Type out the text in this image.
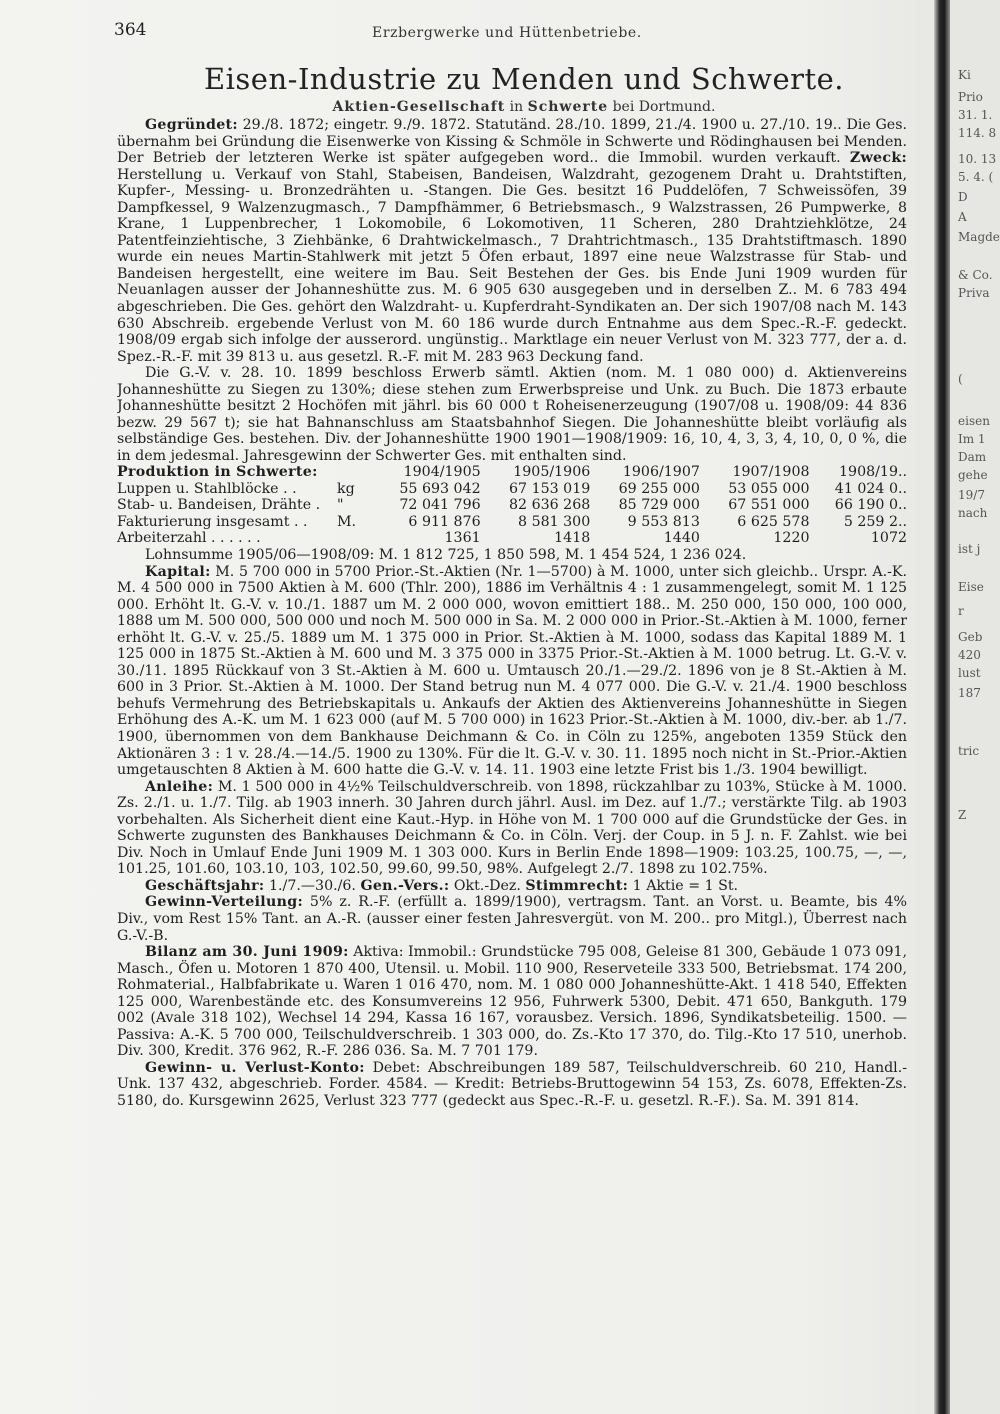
364	Erzbergwerke und Hüttenbetriebe.
Eisen-Industrie zu Menden und Schwerte.
Aktien-Gesellschaft in Schwerte bei Dortmund.

Gegründet: 29./8. 1872; eingetr. 9./9. 1872. Statutänd. 28./10. 1899, 21./4. 1900 u. 27./10. 19.. Die Ges. übernahm bei Gründung die Eisenwerke von Kissing & Schmöle in Schwerte und Rödinghausen bei Menden. Der Betrieb der letzteren Werke ist später aufgegeben word.. die Immobil. wurden verkauft. Zweck: Herstellung u. Verkauf von Stahl, Stabeisen, Bandeisen, Walzdraht, gezogenem Draht u. Drahtstiften, Kupfer-, Messing- u. Bronzedrähten u. -Stangen. Die Ges. besitzt 16 Puddelöfen, 7 Schweissöfen, 39 Dampfkessel, 9 Walzenzugmasch., 7 Dampfhämmer, 6 Betriebsmasch., 9 Walzstrassen, 26 Pumpwerke, 8 Krane, 1 Luppenbrecher, 1 Lokomobile, 6 Lokomotiven, 11 Scheren, 280 Drahtziehklötze, 24 Patentfeinziehtische, 3 Ziehbänke, 6 Drahtwickelmasch., 7 Drahtrichtmasch., 135 Drahtstiftmasch. 1890 wurde ein neues Martin-Stahlwerk mit jetzt 5 Öfen erbaut, 1897 eine neue Walzstrasse für Stab- und Bandeisen hergestellt, eine weitere im Bau. Seit Bestehen der Ges. bis Ende Juni 1909 wurden für Neuanlagen ausser der Johanneshütte zus. M. 6 905 630 ausgegeben und in derselben Z.. M. 6 783 494 abgeschrieben. Die Ges. gehört den Walzdraht- u. Kupferdraht-Syndikaten an. Der sich 1907/08 nach M. 143 630 Abschreib. ergebende Verlust von M. 60 186 wurde durch Entnahme aus dem Spec.-R.-F. gedeckt. 1908/09 ergab sich infolge der ausserord. ungünstig.. Marktlage ein neuer Verlust von M. 323 777, der a. d. Spez.-R.-F. mit 39 813 u. aus gesetzl. R.-F. mit M. 283 963 Deckung fand.

Die G.-V. v. 28. 10. 1899 beschloss Erwerb sämtl. Aktien (nom. M. 1 080 000) d. Aktienvereins Johanneshütte zu Siegen zu 130%; diese stehen zum Erwerbspreise und Unk. zu Buch. Die 1873 erbaute Johanneshütte besitzt 2 Hochöfen mit jährl. bis 60 000 t Roheisenerzeugung (1907/08 u. 1908/09: 44 836 bezw. 29 567 t); sie hat Bahnanschluss am Staatsbahnhof Siegen. Die Johanneshütte bleibt vorläufig als selbständige Ges. bestehen. Div. der Johanneshütte 1900 1901—1908/1909: 16, 10, 4, 3, 3, 4, 10, 0, 0 %, die in dem jedesmal. Jahresgewinn der Schwerter Ges. mit enthalten sind.

Produktion in Schwerte:		1904/1905	1905/1906	1906/1907	1907/1908	1908/19..
Luppen u. Stahlblöcke . .	kg	55 693 042	67 153 019	69 255 000	53 055 000	41 024 0..
Stab- u. Bandeisen, Drähte .	"	72 041 796	82 636 268	85 729 000	67 551 000	66 190 0..
Fakturierung insgesamt . .	M.	6 911 876	8 581 300	9 553 813	6 625 578	5 259 2..
Arbeiterzahl . . . . . .		1361	1418	1440	1220	1072

Lohnsumme 1905/06—1908/09: M. 1 812 725, 1 850 598, M. 1 454 524, 1 236 024.

Kapital: M. 5 700 000 in 5700 Prior.-St.-Aktien (Nr. 1—5700) à M. 1000, unter sich gleichb.. Urspr. A.-K. M. 4 500 000 in 7500 Aktien à M. 600 (Thlr. 200), 1886 im Verhältnis 4 : 1 zusammengelegt, somit M. 1 125 000. Erhöht lt. G.-V. v. 10./1. 1887 um M. 2 000 000, wovon emittiert 188.. M. 250 000, 150 000, 100 000, 1888 um M. 500 000, 500 000 und noch M. 500 000 in Sa. M. 2 000 000 in Prior.-St.-Aktien à M. 1000, ferner erhöht lt. G.-V. v. 25./5. 1889 um M. 1 375 000 in Prior. St.-Aktien à M. 1000, sodass das Kapital 1889 M. 1 125 000 in 1875 St.-Aktien à M. 600 und M. 3 375 000 in 3375 Prior.-St.-Aktien à M. 1000 betrug. Lt. G.-V. v. 30./11. 1895 Rückkauf von 3 St.-Aktien à M. 600 u. Umtausch 20./1.—29./2. 1896 von je 8 St.-Aktien à M. 600 in 3 Prior. St.-Aktien à M. 1000. Der Stand betrug nun M. 4 077 000. Die G.-V. v. 21./4. 1900 beschloss behufs Vermehrung des Betriebskapitals u. Ankaufs der Aktien des Aktienvereins Johanneshütte in Siegen Erhöhung des A.-K. um M. 1 623 000 (auf M. 5 700 000) in 1623 Prior.-St.-Aktien à M. 1000, div.-ber. ab 1./7. 1900, übernommen von dem Bankhause Deichmann & Co. in Cöln zu 125%, angeboten 1359 Stück den Aktionären 3 : 1 v. 28./4.—14./5. 1900 zu 130%. Für die lt. G.-V. v. 30. 11. 1895 noch nicht in St.-Prior.-Aktien umgetauschten 8 Aktien à M. 600 hatte die G.-V. v. 14. 11. 1903 eine letzte Frist bis 1./3. 1904 bewilligt.

Anleihe: M. 1 500 000 in 4½% Teilschuldverschreib. von 1898, rückzahlbar zu 103%, Stücke à M. 1000. Zs. 2./1. u. 1./7. Tilg. ab 1903 innerh. 30 Jahren durch jährl. Ausl. im Dez. auf 1./7.; verstärkte Tilg. ab 1903 vorbehalten. Als Sicherheit dient eine Kaut.-Hyp. in Höhe von M. 1 700 000 auf die Grundstücke der Ges. in Schwerte zugunsten des Bankhauses Deichmann & Co. in Cöln. Verj. der Coup. in 5 J. n. F. Zahlst. wie bei Div. Noch in Umlauf Ende Juni 1909 M. 1 303 000. Kurs in Berlin Ende 1898—1909: 103.25, 100.75, —, —, 101.25, 101.60, 103.10, 103, 102.50, 99.60, 99.50, 98%. Aufgelegt 2./7. 1898 zu 102.75%.

Geschäftsjahr: 1./7.—30./6. Gen.-Vers.: Okt.-Dez. Stimmrecht: 1 Aktie = 1 St.

Gewinn-Verteilung: 5% z. R.-F. (erfüllt a. 1899/1900), vertragsm. Tant. an Vorst. u. Beamte, bis 4% Div., vom Rest 15% Tant. an A.-R. (ausser einer festen Jahresvergüt. von M. 200.. pro Mitgl.), Überrest nach G.-V.-B.

Bilanz am 30. Juni 1909: Aktiva: Immobil.: Grundstücke 795 008, Geleise 81 300, Gebäude 1 073 091, Masch., Öfen u. Motoren 1 870 400, Utensil. u. Mobil. 110 900, Reserveteile 333 500, Betriebsmat. 174 200, Rohmaterial., Halbfabrikate u. Waren 1 016 470, nom. M. 1 080 000 Johanneshütte-Akt. 1 418 540, Effekten 125 000, Warenbestände etc. des Konsumvereins 12 956, Fuhrwerk 5300, Debit. 471 650, Bankguth. 179 002 (Avale 318 102), Wechsel 14 294, Kassa 16 167, vorausbez. Versich. 1896, Syndikatsbeteilig. 1500. — Passiva: A.-K. 5 700 000, Teilschuldverschreib. 1 303 000, do. Zs.-Kto 17 370, do. Tilg.-Kto 17 510, unerhob. Div. 300, Kredit. 376 962, R.-F. 286 036. Sa. M. 7 701 179.

Gewinn- u. Verlust-Konto: Debet: Abschreibungen 189 587, Teilschuldverschreib. 60 210, Handl.-Unk. 137 432, abgeschrieb. Forder. 4584. — Kredit: Betriebs-Bruttogewinn 54 153, Zs. 6078, Effekten-Zs. 5180, do. Kursgewinn 2625, Verlust 323 777 (gedeckt aus Spec.-R.-F. u. gesetzl. R.-F.). Sa. M. 391 814.

Ki
Prio
31. 1.
114. 8
10. 13
5. 4. (
D
A
Magde
& Co.
Priva
(
eisen
Im 1
Dam
gehe
19/7
nach
ist j
Eise
r
Geb
420
lust
187
tric
Z
